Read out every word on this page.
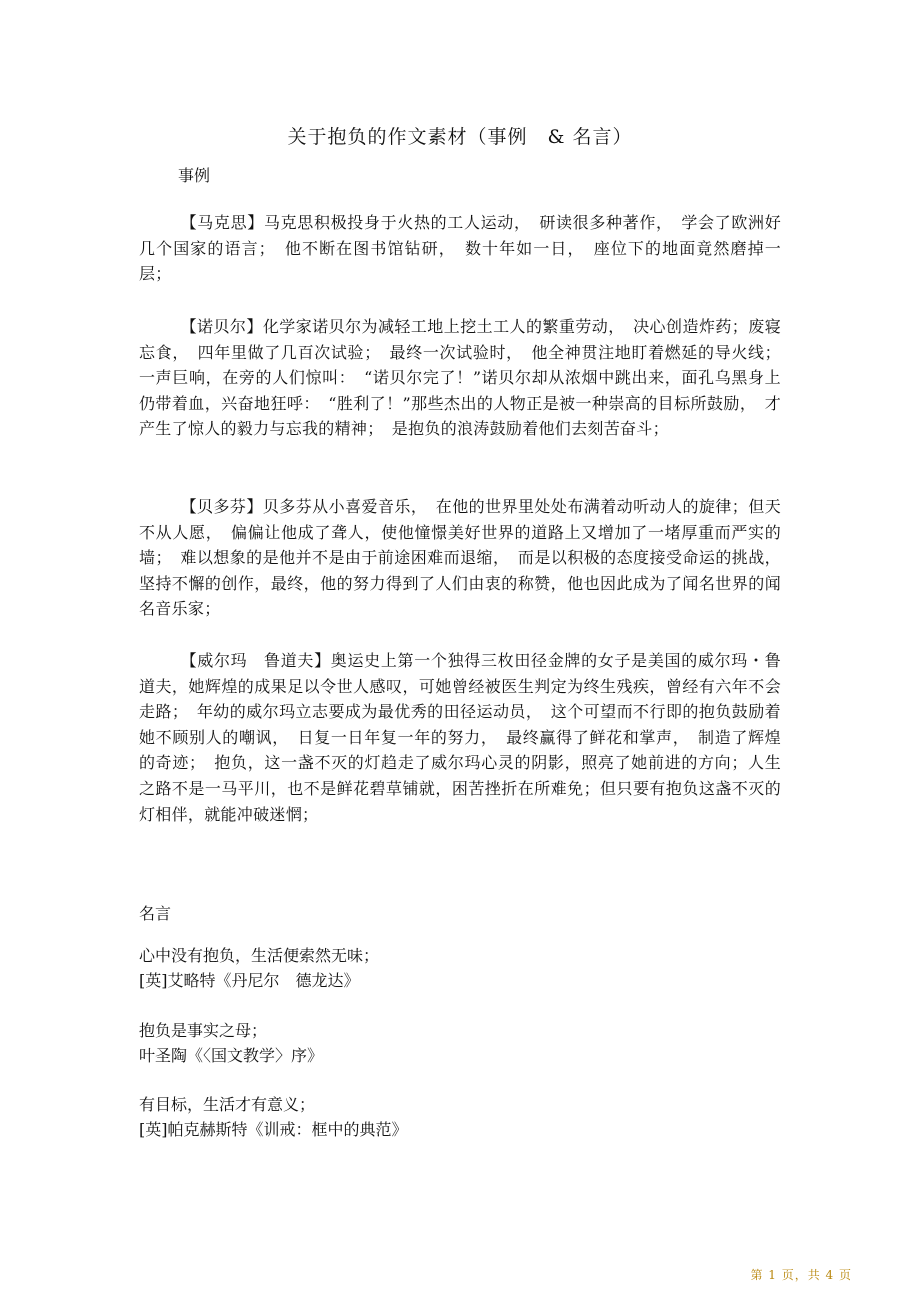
关于抱负的作文素材（事例　& 名言）
事例
【马克思】马克思积极投身于火热的工人运动，　研读很多种著作，　学会了欧洲好几个国家的语言；　他不断在图书馆钻研，　数十年如一日，　座位下的地面竟然磨掉一层；
【诺贝尔】化学家诺贝尔为减轻工地上挖土工人的繁重劳动，　决心创造炸药；废寝忘食，　四年里做了几百次试验；　最终一次试验时，　他全神贯注地盯着燃延的导火线；一声巨响，在旁的人们惊叫：　“诺贝尔完了！”诺贝尔却从浓烟中跳出来，面孔乌黑身上仍带着血，兴奋地狂呼：　“胜利了！”那些杰出的人物正是被一种崇高的目标所鼓励，　才产生了惊人的毅力与忘我的精神；　是抱负的浪涛鼓励着他们去刻苦奋斗；
【贝多芬】贝多芬从小喜爱音乐，　在他的世界里处处布满着动听动人的旋律；但天不从人愿，　偏偏让他成了聋人，使他憧憬美好世界的道路上又增加了一堵厚重而严实的墙；　难以想象的是他并不是由于前途困难而退缩，　而是以积极的态度接受命运的挑战，坚持不懈的创作，最终，他的努力得到了人们由衷的称赞，他也因此成为了闻名世界的闻名音乐家；
【威尔玛　鲁道夫】奥运史上第一个独得三枚田径金牌的女子是美国的威尔玛・鲁道夫，她辉煌的成果足以令世人感叹，可她曾经被医生判定为终生残疾，曾经有六年不会走路；　年幼的威尔玛立志要成为最优秀的田径运动员，　这个可望而不行即的抱负鼓励着她不顾别人的嘲讽，　日复一日年复一年的努力，　最终赢得了鲜花和掌声，　制造了辉煌的奇迹；　抱负，这一盏不灭的灯趋走了威尔玛心灵的阴影，照亮了她前进的方向；人生之路不是一马平川，也不是鲜花碧草铺就，困苦挫折在所难免；但只要有抱负这盏不灭的灯相伴，就能冲破迷惘；
名言
心中没有抱负，生活便索然无味；
[英]艾略特《丹尼尔　德龙达》
抱负是事实之母；
叶圣陶《〈国文教学〉序》
有目标，生活才有意义；
[英]帕克赫斯特《训戒：框中的典范》
第 1 页，共 4 页
